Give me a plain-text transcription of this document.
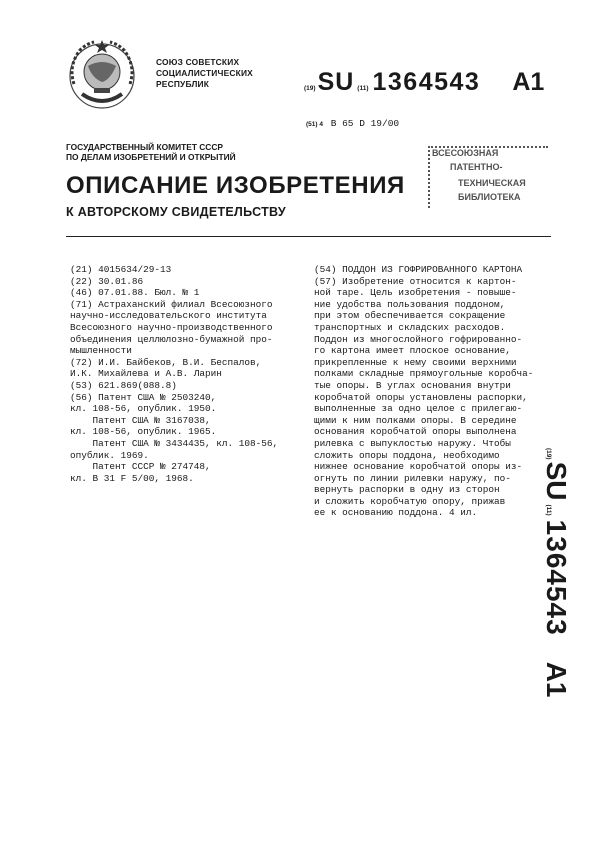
СОЮЗ СОВЕТСКИХ
СОЦИАЛИСТИЧЕСКИХ
РЕСПУБЛИК	(19) SU (11) 1364543 A1
(51) 4 B 65 D 19/00
ГОСУДАРСТВЕННЫЙ КОМИТЕТ СССР
ПО ДЕЛАМ ИЗОБРЕТЕНИЙ И ОТКРЫТИЙ	ВСЕСОЮЗНАЯ
ПАТЕНТНО-
ТЕХНИЧЕСКАЯ
БИБЛИОТЕКА
ОПИСАНИЕ ИЗОБРЕТЕНИЯ
К АВТОРСКОМУ СВИДЕТЕЛЬСТВУ
(21) 4015634/29-13
(22) 30.01.86
(46) 07.01.88. Бюл. № 1
(71) Астраханский филиал Всесоюзного
научно-исследовательского института
Всесоюзного научно-производственного
объединения целлюлозно-бумажной про-
мышленности
(72) И.И. Байбеков, В.И. Беспалов,
И.К. Михайлева и А.В. Ларин
(53) 621.869(088.8)
(56) Патент США № 2503240,
кл. 108-56, опублик. 1950.
Патент США № 3167038,
кл. 108-56, опублик. 1965.
Патент США № 3434435, кл. 108-56,
опублик. 1969.
Патент СССР № 274748,
кл. B 31 F 5/00, 1968.
(54) ПОДДОН ИЗ ГОФРИРОВАННОГО КАРТОНА
(57) Изобретение относится к картон-
ной таре. Цель изобретения - повыше-
ние удобства пользования поддоном,
при этом обеспечивается сокращение
транспортных и складских расходов.
Поддон из многослойного гофрированно-
го картона имеет плоское основание,
прикрепленные к нему своими верхними
полками складные прямоугольные коробча-
тые опоры. В углах основания внутри
коробчатой опоры установлены распорки,
выполненные за одно целое с прилегаю-
щими к ним полками опоры. В середине
основания коробчатой опоры выполнена
рилевка с выпуклостью наружу. Чтобы
сложить опоры поддона, необходимо
нижнее основание коробчатой опоры из-
огнуть по линии рилевки наружу, по-
вернуть распорки в одну из сторон
и сложить коробчатую опору, прижав
ее к основанию поддона. 4 ил.
(19)
SU
(11)
1364543
A1
